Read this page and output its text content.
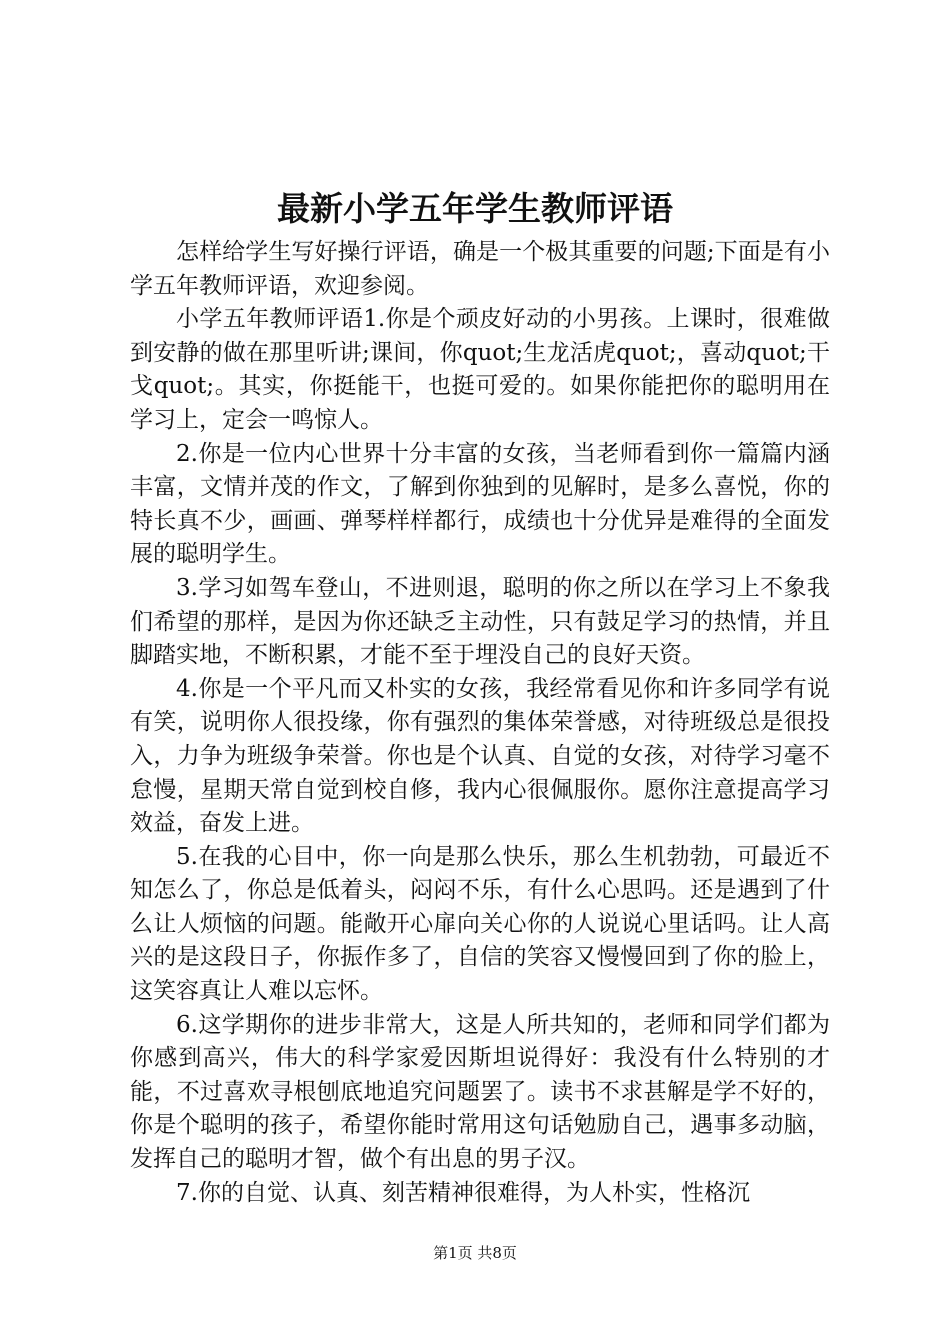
最新小学五年学生教师评语

怎样给学生写好操行评语，确是一个极其重要的问题;下面是有小学五年教师评语，欢迎参阅。

小学五年教师评语1.你是个顽皮好动的小男孩。上课时，很难做到安静的做在那里听讲;课间，你quot;生龙活虎quot;，喜动quot;干戈quot;。其实，你挺能干，也挺可爱的。如果你能把你的聪明用在学习上，定会一鸣惊人。

2.你是一位内心世界十分丰富的女孩，当老师看到你一篇篇内涵丰富，文情并茂的作文，了解到你独到的见解时，是多么喜悦，你的特长真不少，画画、弹琴样样都行，成绩也十分优异是难得的全面发展的聪明学生。

3.学习如驾车登山，不进则退，聪明的你之所以在学习上不象我们希望的那样，是因为你还缺乏主动性，只有鼓足学习的热情，并且脚踏实地，不断积累，才能不至于埋没自己的良好天资。

4.你是一个平凡而又朴实的女孩，我经常看见你和许多同学有说有笑，说明你人很投缘，你有强烈的集体荣誉感，对待班级总是很投入，力争为班级争荣誉。你也是个认真、自觉的女孩，对待学习毫不怠慢，星期天常自觉到校自修，我内心很佩服你。愿你注意提高学习效益，奋发上进。

5.在我的心目中，你一向是那么快乐，那么生机勃勃，可最近不知怎么了，你总是低着头，闷闷不乐，有什么心思吗。还是遇到了什么让人烦恼的问题。能敞开心扉向关心你的人说说心里话吗。让人高兴的是这段日子，你振作多了，自信的笑容又慢慢回到了你的脸上，这笑容真让人难以忘怀。

6.这学期你的进步非常大，这是人所共知的，老师和同学们都为你感到高兴，伟大的科学家爱因斯坦说得好：我没有什么特别的才能，不过喜欢寻根刨底地追究问题罢了。读书不求甚解是学不好的，你是个聪明的孩子，希望你能时常用这句话勉励自己，遇事多动脑，发挥自己的聪明才智，做个有出息的男子汉。

7.你的自觉、认真、刻苦精神很难得，为人朴实，性格沉

第1页 共8页
